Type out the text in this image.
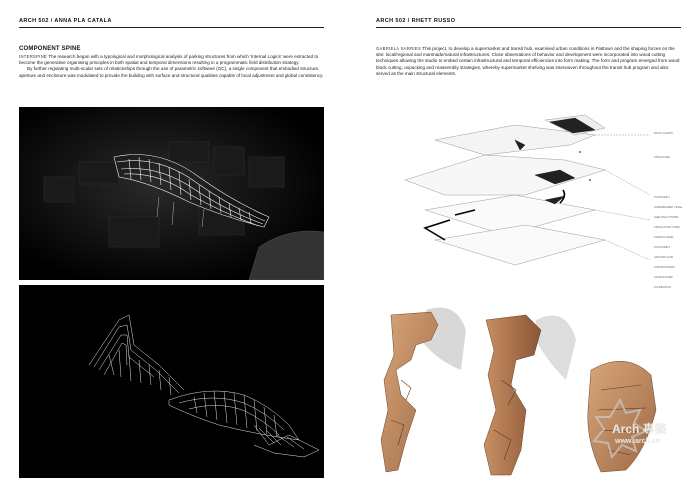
ARCH 502 / ANNA PLA CATALA
COMPONENT SPINE
INTERSPINE The research began with a typological and morphological analysis of parking structures from which 'Internal Logics' were extracted to become the generative organising principles in both spatial and temporal dimensions resulting in a programmatic field distribution strategy.
By further regulating multi-scalar sets of relationships through the use of parametric software (GC), a single component that embodied structure, aperture and enclosure was modulated to provide the building with surface and structural qualities capable of local adjustment and global consistency.
ARCH 502 / RHETT RUSSO
GABRIELA SARRIES This project, to develop a supermarket and transit hub, examined urban conditions in Flattown and the shaping forces on the site: local/regional and manmade/natural infrastructures. Close observations of behavior and development were incorporated into wood cutting techniques allowing the studio to embed certain infrastructural and temporal efficiencies into form making. The form and program emerged from wood block cutting, unpacking and reassembly strategies, whereby supermarket shelving was interwoven throughout the transit hub program and also served as the main structural elements.
ROOF CANOPY
STRUCTURE
PLATFORM 1
SUPERMARKET LEVEL
SHELVING SYSTEM
CIRCULATION CORE
TRANSIT LEVEL
PLATFORM 2
GROUND SLAB
SITE BOUNDARY
ACCESS RAMP
FOUNDATION
Arch 專築
www.iarch.cn
